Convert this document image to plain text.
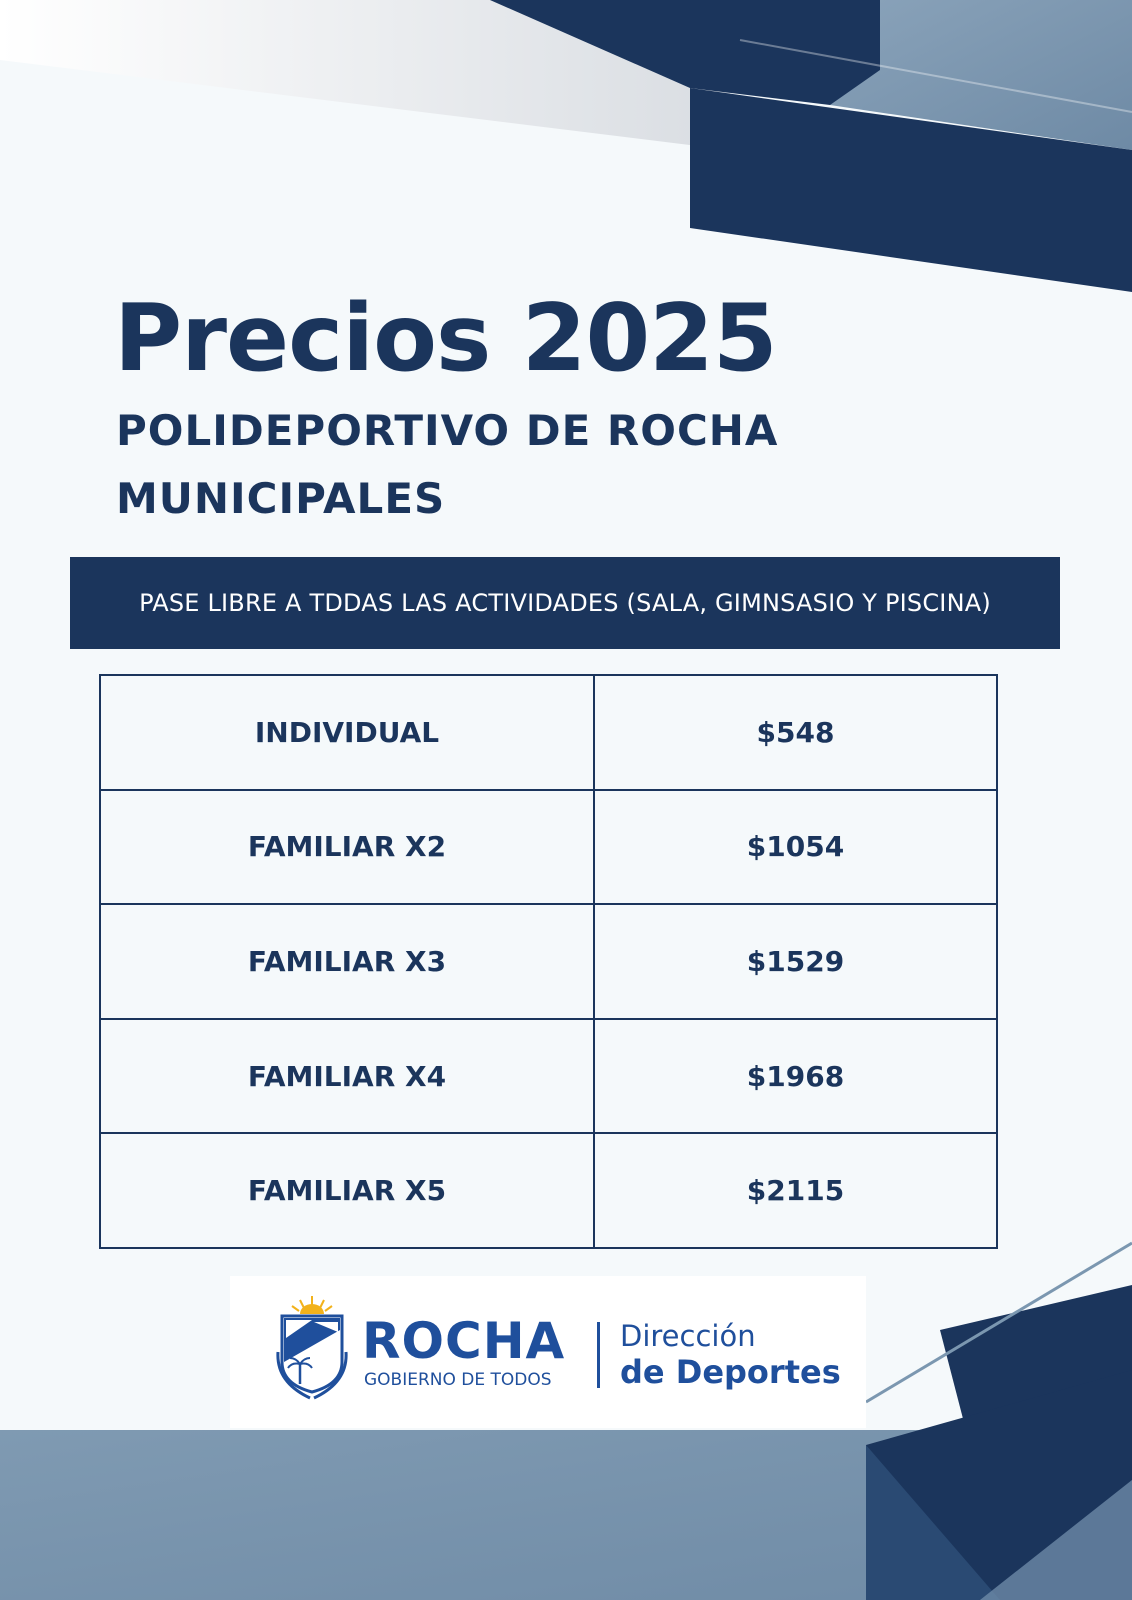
Precios 2025
POLIDEPORTIVO DE ROCHA
MUNICIPALES
PASE LIBRE A TDDAS LAS ACTIVIDADES (SALA, GIMNSASIO Y PISCINA)
INDIVIDUAL	$548
FAMILIAR X2	$1054
FAMILIAR X3	$1529
FAMILIAR X4	$1968
FAMILIAR X5	$2115
ROCHA
GOBIERNO DE TODOS
Dirección
de Deportes
